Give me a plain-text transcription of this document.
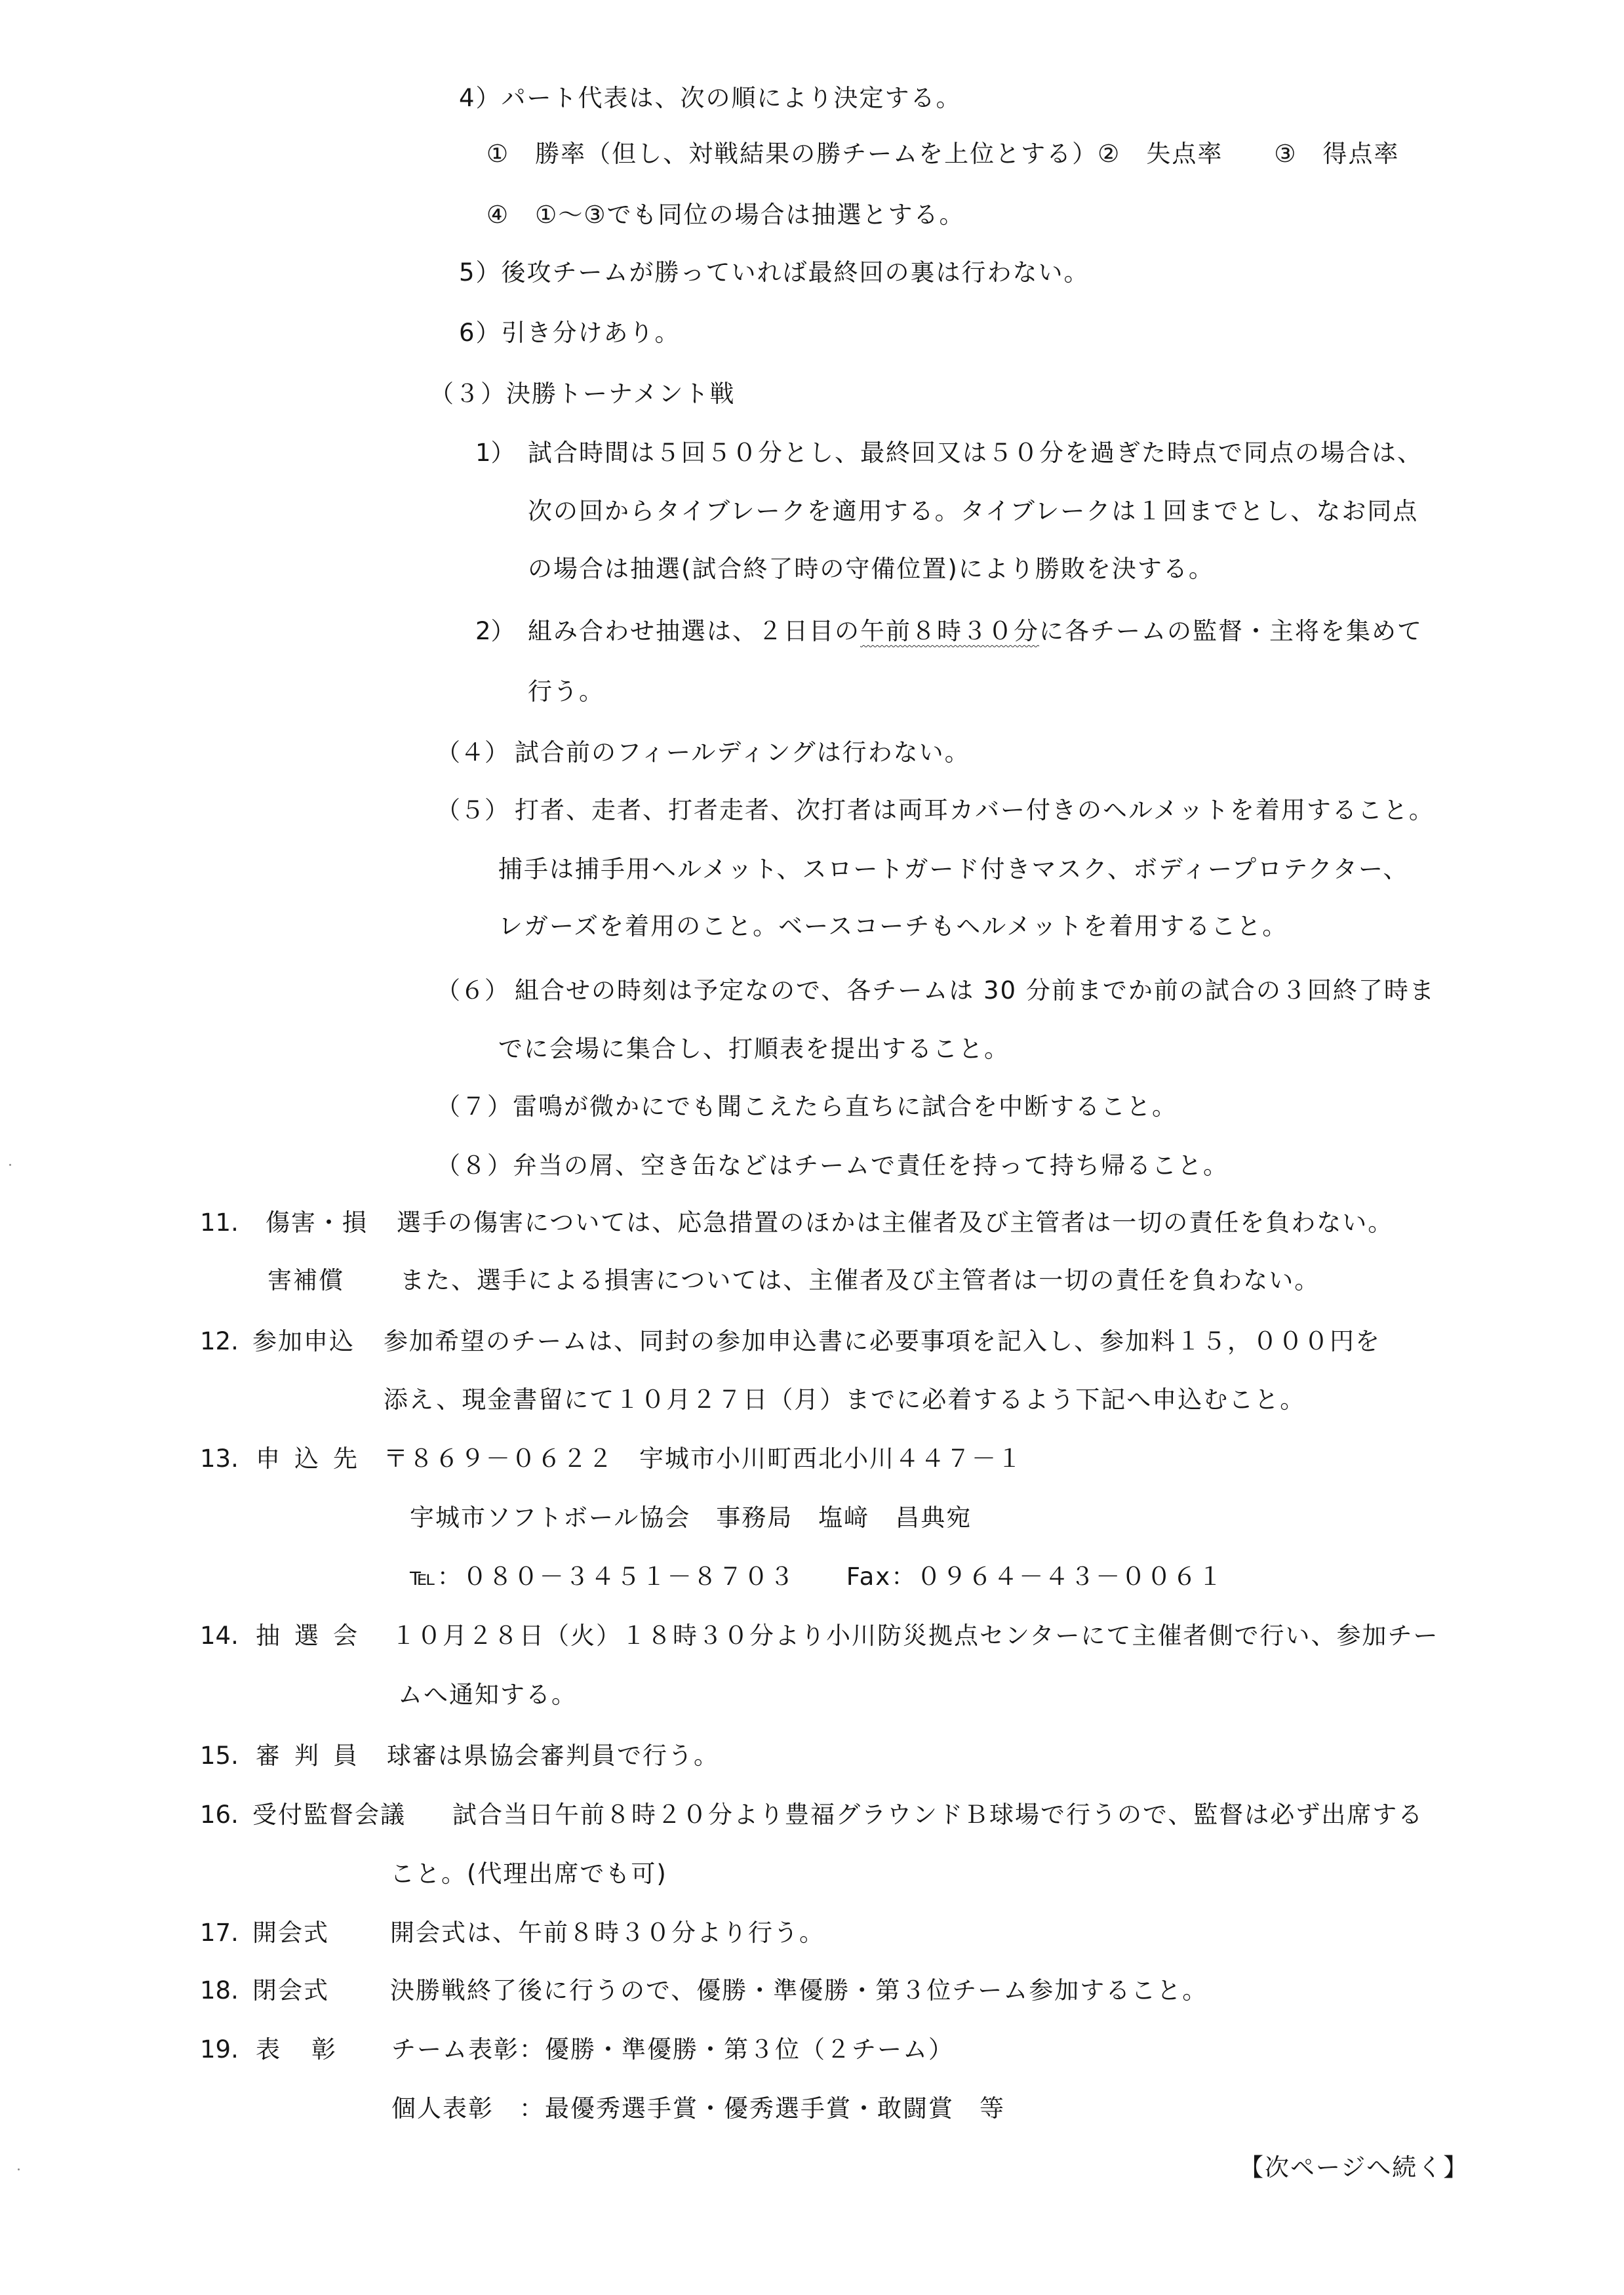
4）パート代表は、次の順により決定する。
①　勝率（但し、対戦結果の勝チームを上位とする）②　失点率　　③　得点率
④　①～③でも同位の場合は抽選とする。
5）後攻チームが勝っていれば最終回の裏は行わない。
6）引き分けあり。
（３）決勝トーナメント戦
1） 試合時間は５回５０分とし、最終回又は５０分を過ぎた時点で同点の場合は、
次の回からタイブレークを適用する。タイブレークは１回までとし、なお同点
の場合は抽選(試合終了時の守備位置)により勝敗を決する。
2） 組み合わせ抽選は、２日目の午前８時３０分に各チームの監督・主将を集めて
行う。
（４） 試合前のフィールディングは行わない。
（５） 打者、走者、打者走者、次打者は両耳カバー付きのヘルメットを着用すること。
捕手は捕手用ヘルメット、スロートガード付きマスク、ボディープロテクター、
レガーズを着用のこと。ベースコーチもヘルメットを着用すること。
（６） 組合せの時刻は予定なので、各チームは 30 分前までか前の試合の３回終了時ま
でに会場に集合し、打順表を提出すること。
（７）雷鳴が微かにでも聞こえたら直ちに試合を中断すること。
（８）弁当の屑、空き缶などはチームで責任を持って持ち帰ること。
11. 傷害・損
害補償
選手の傷害については、応急措置のほかは主催者及び主管者は一切の責任を負わない。
また、選手による損害については、主催者及び主管者は一切の責任を負わない。
12. 参加申込 参加希望のチームは、同封の参加申込書に必要事項を記入し、参加料１５，０００円を
添え、現金書留にて１０月２７日（月）までに必着するよう下記へ申込むこと。
13. 申込先 〒８６９－０６２２　宇城市小川町西北小川４４７－１
宇城市ソフトボール協会　事務局　塩﨑　昌典宛
℡：０８０－３４５１－８７０３　　Fax：０９６４－４３－００６１
14. 抽選会 １０月２８日（火）１８時３０分より小川防災拠点センターにて主催者側で行い、参加チー
ムへ通知する。
15. 審判員 球審は県協会審判員で行う。
16. 受付監督会議 試合当日午前８時２０分より豊福グラウンドＢ球場で行うので、監督は必ず出席する
こと。(代理出席でも可)
17. 開会式	開会式は、午前８時３０分より行う。
18. 閉会式	決勝戦終了後に行うので、優勝・準優勝・第３位チーム参加すること。
19. 表彰 チーム表彰：優勝・準優勝・第３位（２チーム）
個人表彰　：最優秀選手賞・優秀選手賞・敢闘賞　等
【次ページへ続く】
